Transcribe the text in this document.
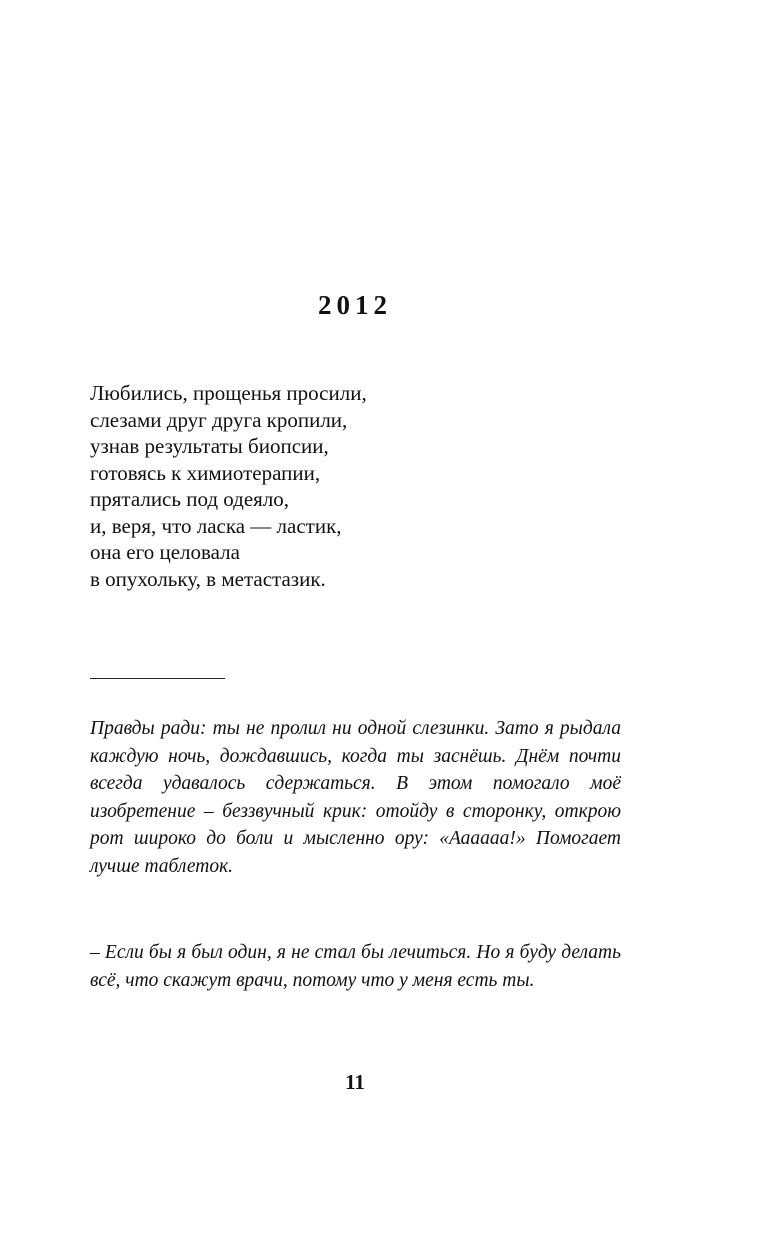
2012
Любились, прощенья просили,
слезами друг друга кропили,
узнав результаты биопсии,
готовясь к химиотерапии,
прятались под одеяло,
и, веря, что ласка — ластик,
она его целовала
в опухольку, в метастазик.

Правды ради: ты не пролил ни одной слезинки. Зато я рыдала каждую ночь, дождавшись, когда ты заснёшь. Днём почти всегда удавалось сдержаться. В этом помогало моё изобретение – беззвучный крик: отойду в сторонку, открою рот широко до боли и мысленно ору: «Аааааа!» Помогает лучше таблеток.

– Если бы я был один, я не стал бы лечиться. Но я буду делать всё, что скажут врачи, потому что у меня есть ты.

11
